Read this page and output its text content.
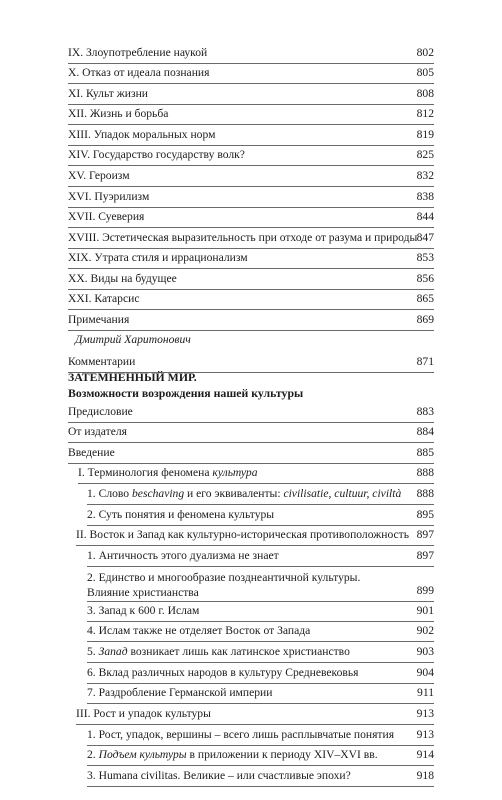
IX. Злоупотребление наукой	802
X. Отказ от идеала познания	805
XI. Культ жизни	808
XII. Жизнь и борьба	812
XIII. Упадок моральных норм	819
XIV. Государство государству волк?	825
XV. Героизм	832
XVI. Пуэрилизм	838
XVII. Суеверия	844
XVIII. Эстетическая выразительность при отходе от разума и природы 847
XIX. Утрата стиля и иррационализм	853
XX. Виды на будущее	856
XXI. Катарсис	865
Примечания	869
Дмитрий Харитонович
Комментарии	871
ЗАТЕМНЕННЫЙ МИР.
Возможности возрождения нашей культуры
Предисловие	883
От издателя	884
Введение	885
I. Терминология феномена культура	888
1. Слово beschaving и его эквиваленты: civilisatie, cultuur, civiltà 888
2. Суть понятия и феномена культуры	895
II. Восток и Запад как культурно-историческая противоположность 897
1. Античность этого дуализма не знает	897
2. Единство и многообразие позднеантичной культуры.
Влияние христианства	899
3. Запад к 600 г. Ислам	901
4. Ислам также не отделяет Восток от Запада	902
5. Запад возникает лишь как латинское христианство	903
6. Вклад различных народов в культуру Средневековья	904
7. Раздробление Германской империи	911
III. Рост и упадок культуры	913
1. Рост, упадок, вершины – всего лишь расплывчатые понятия 913
2. Подъем культуры в приложении к периоду XIV–XVI вв.	914
3. Humana civilitas. Великие – или счастливые эпохи?	918
